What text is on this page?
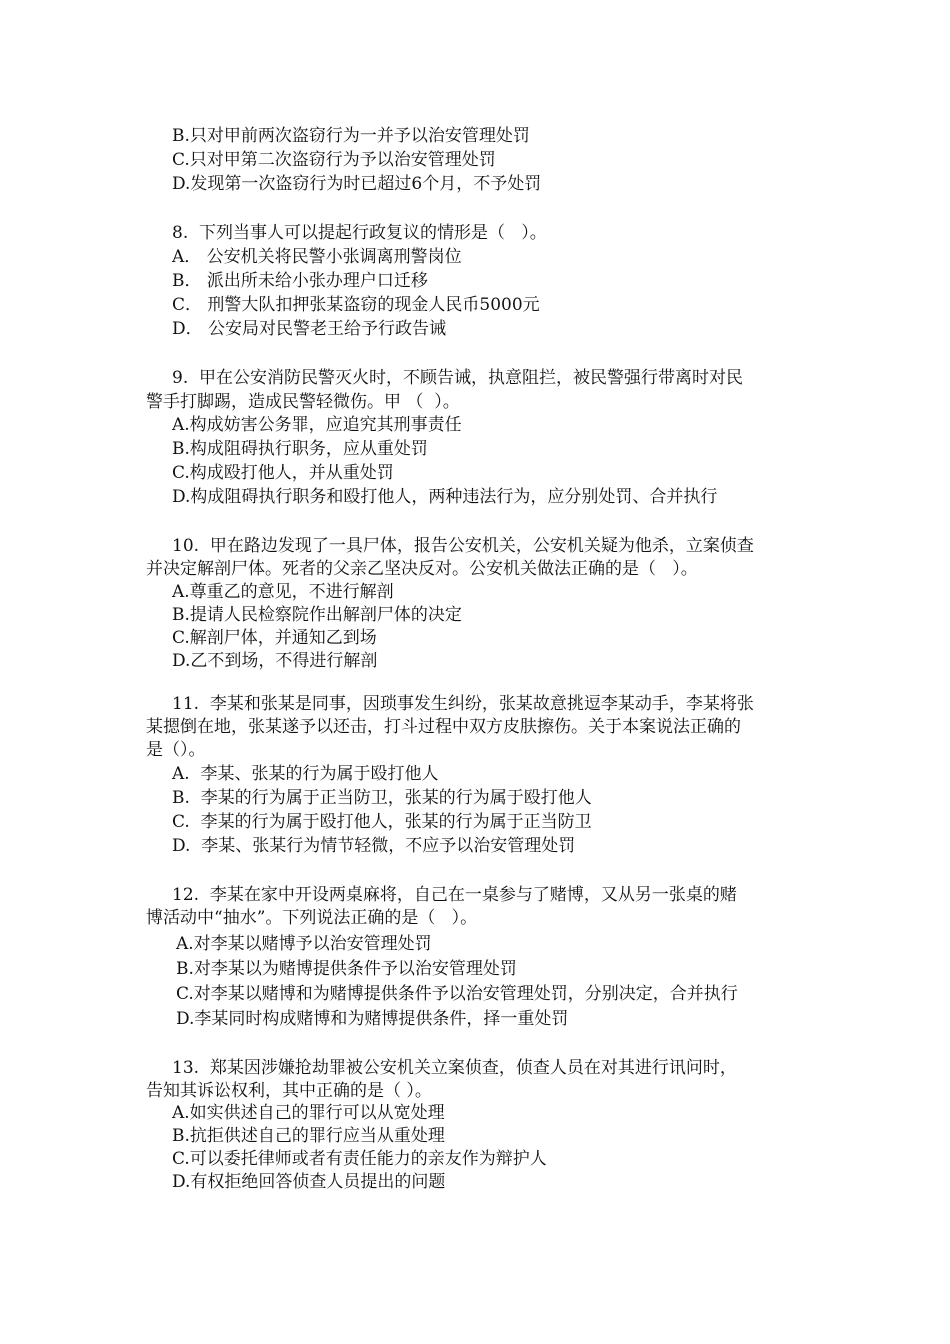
B.只对甲前两次盗窃行为一并予以治安管理处罚
C.只对甲第二次盗窃行为予以治安管理处罚
D.发现第一次盗窃行为时已超过6个月，不予处罚
8.  下列当事人可以提起行政复议的情形是（   ）。
A． 公安机关将民警小张调离刑警岗位
B． 派出所未给小张办理户口迁移
C． 刑警大队扣押张某盗窃的现金人民币5000元
D． 公安局对民警老王给予行政告诫
9.  甲在公安消防民警灭火时，不顾告诫，执意阻拦，被民警强行带离时对民
警手打脚踢，造成民警轻微伤。甲 （  ）。
A.构成妨害公务罪，应追究其刑事责任
B.构成阻碍执行职务，应从重处罚
C.构成殴打他人，并从重处罚
D.构成阻碍执行职务和殴打他人，两种违法行为，应分别处罚、合并执行
10.  甲在路边发现了一具尸体，报告公安机关，公安机关疑为他杀，立案侦查
并决定解剖尸体。死者的父亲乙坚决反对。公安机关做法正确的是（   ）。
A.尊重乙的意见，不进行解剖
B.提请人民检察院作出解剖尸体的决定
C.解剖尸体，并通知乙到场
D.乙不到场，不得进行解剖
11.  李某和张某是同事，因琐事发生纠纷，张某故意挑逗李某动手，李某将张
某摁倒在地，张某遂予以还击，打斗过程中双方皮肤擦伤。关于本案说法正确的
是（）。
A.  李某、张某的行为属于殴打他人
B.  李某的行为属于正当防卫，张某的行为属于殴打他人
C.  李某的行为属于殴打他人，张某的行为属于正当防卫
D.  李某、张某行为情节轻微，不应予以治安管理处罚
12.  李某在家中开设两桌麻将，自己在一桌参与了赌博，又从另一张桌的赌
博活动中“抽水”。下列说法正确的是（   ）。
A.对李某以赌博予以治安管理处罚
B.对李某以为赌博提供条件予以治安管理处罚
C.对李某以赌博和为赌博提供条件予以治安管理处罚，分别决定，合并执行
D.李某同时构成赌博和为赌博提供条件，择一重处罚
13.  郑某因涉嫌抢劫罪被公安机关立案侦查，侦查人员在对其进行讯问时，
告知其诉讼权利，其中正确的是（ ）。
A.如实供述自己的罪行可以从宽处理
B.抗拒供述自己的罪行应当从重处理
C.可以委托律师或者有责任能力的亲友作为辩护人
D.有权拒绝回答侦查人员提出的问题
